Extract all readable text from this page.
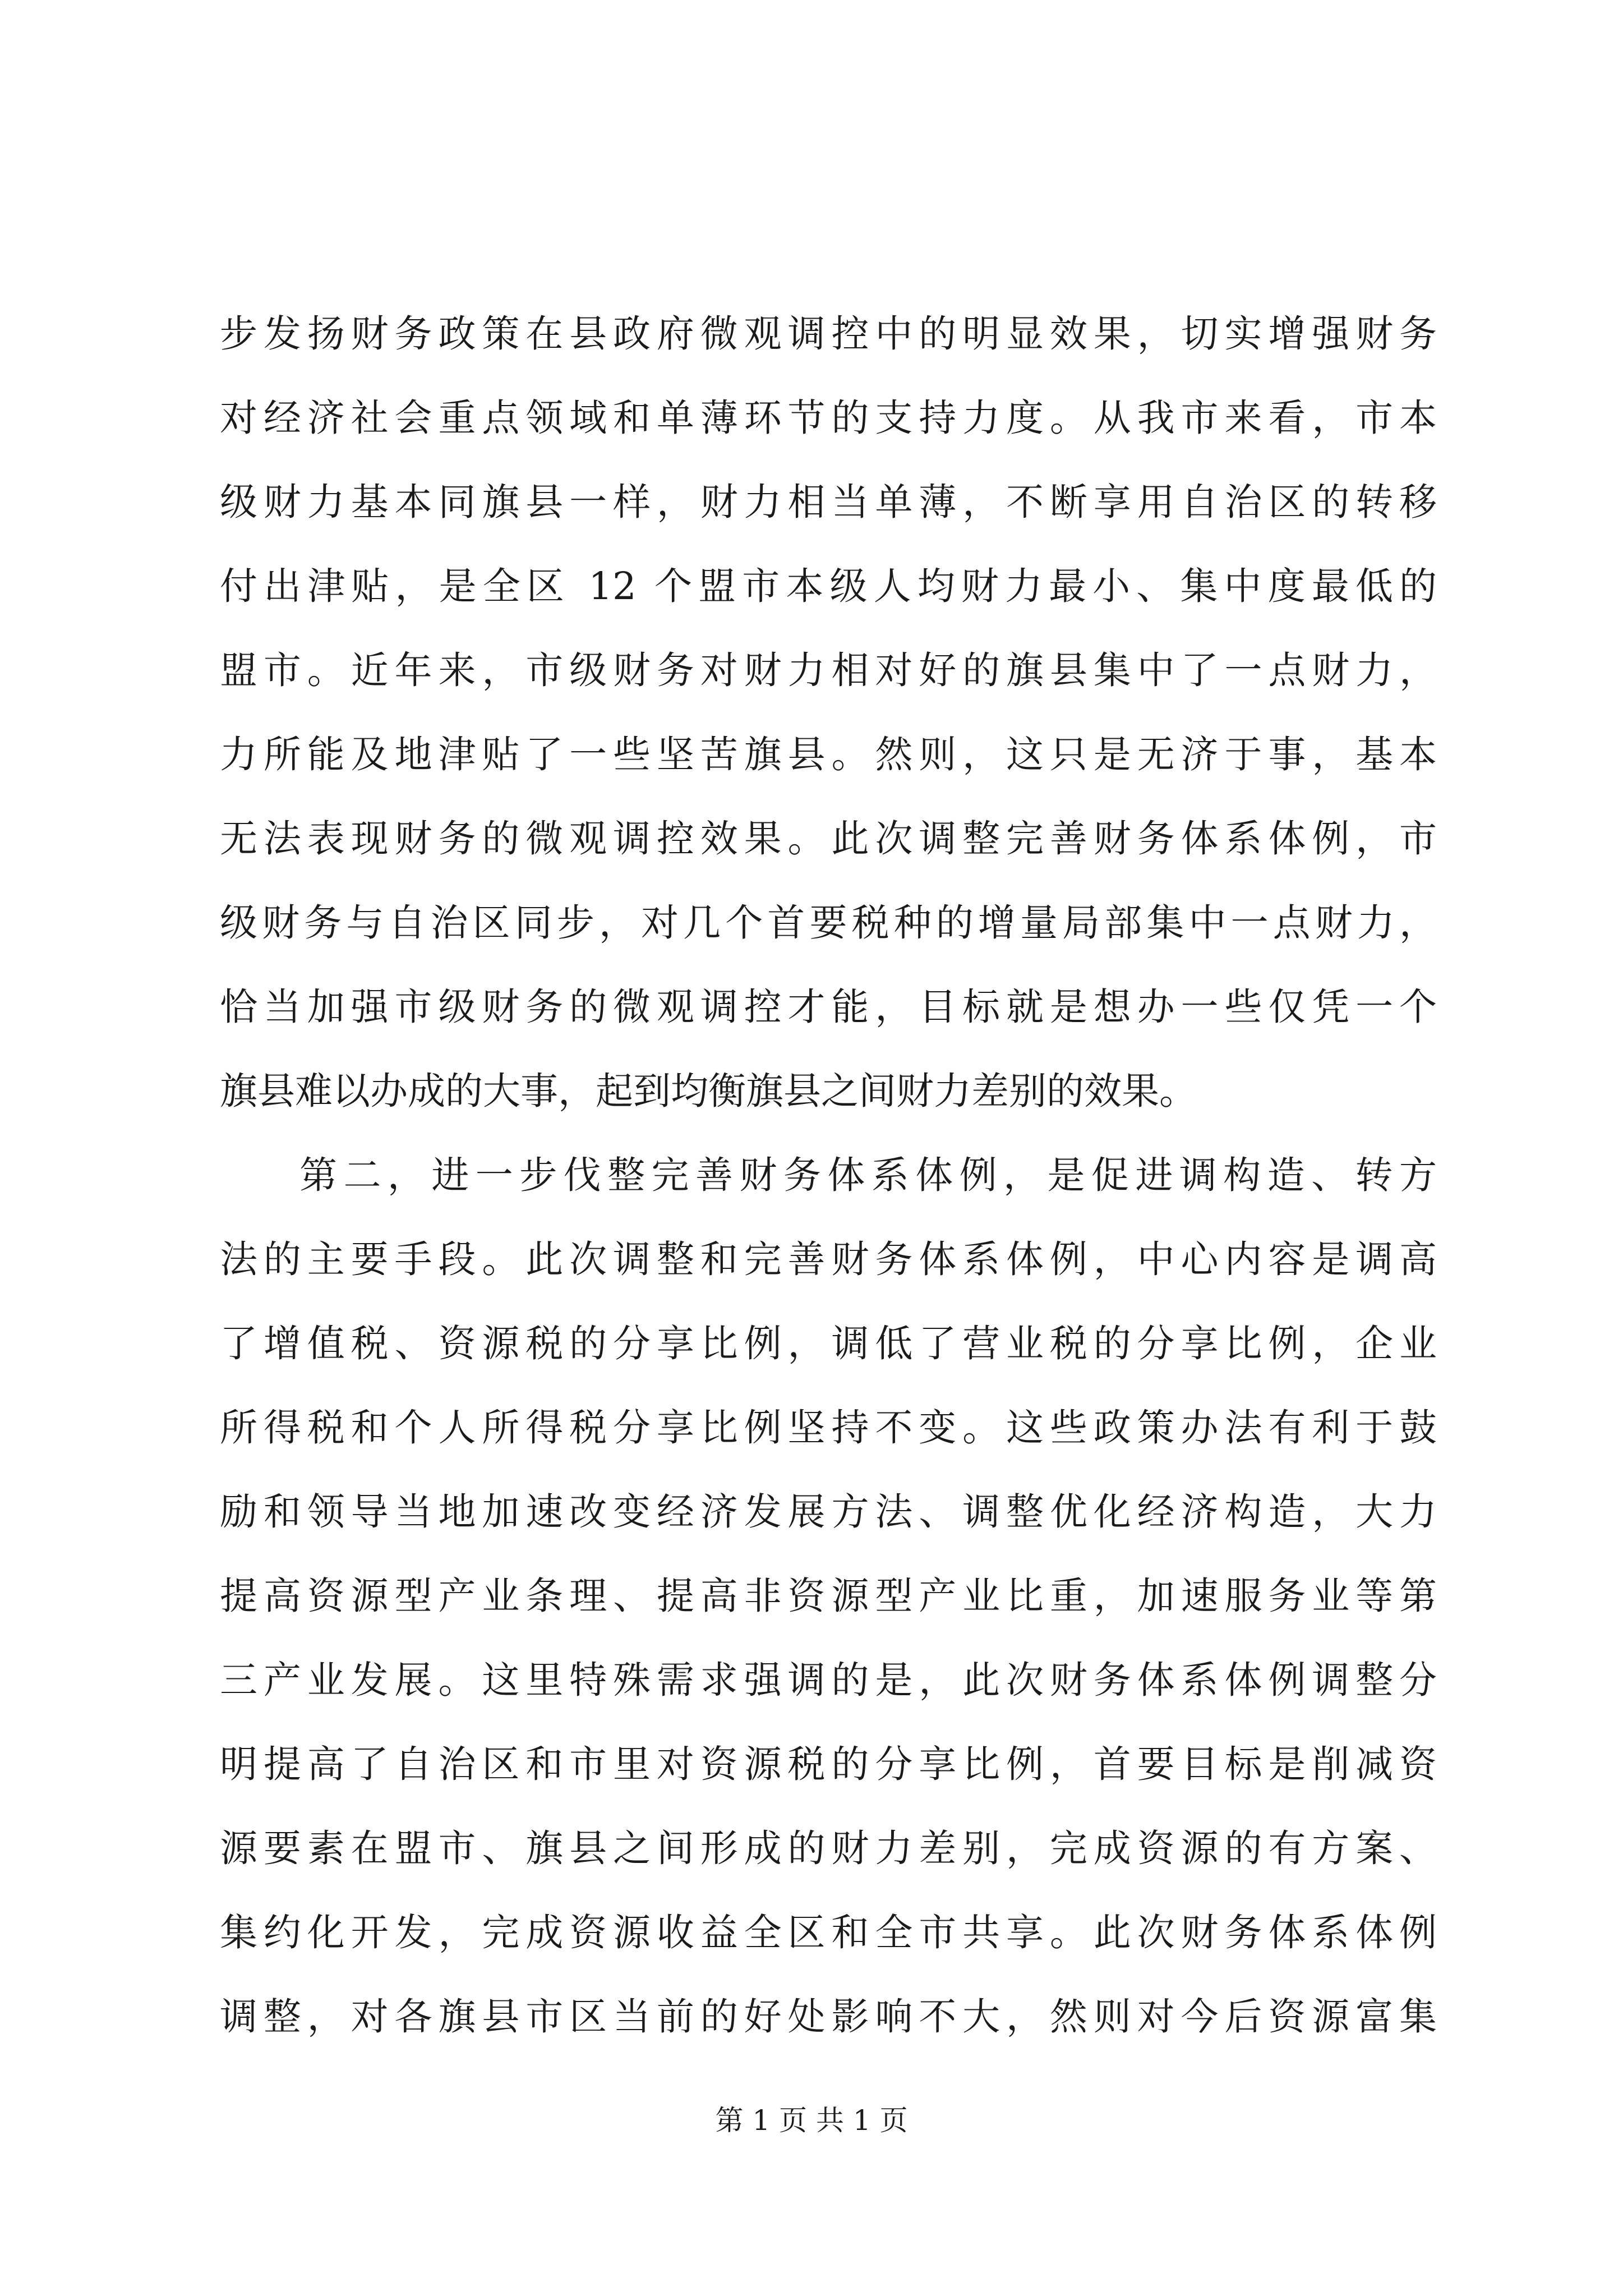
步发扬财务政策在县政府微观调控中的明显效果，切实增强财务
对经济社会重点领域和单薄环节的支持力度。从我市来看，市本
级财力基本同旗县一样，财力相当单薄，不断享用自治区的转移
付出津贴，是全区 12 个盟市本级人均财力最小、集中度最低的
盟市。近年来，市级财务对财力相对好的旗县集中了一点财力，
力所能及地津贴了一些坚苦旗县。然则，这只是无济于事，基本
无法表现财务的微观调控效果。此次调整完善财务体系体例，市
级财务与自治区同步，对几个首要税种的增量局部集中一点财力，
恰当加强市级财务的微观调控才能，目标就是想办一些仅凭一个
旗县难以办成的大事，起到均衡旗县之间财力差别的效果。
第二，进一步伐整完善财务体系体例，是促进调构造、转方
法的主要手段。此次调整和完善财务体系体例，中心内容是调高
了增值税、资源税的分享比例，调低了营业税的分享比例，企业
所得税和个人所得税分享比例坚持不变。这些政策办法有利于鼓
励和领导当地加速改变经济发展方法、调整优化经济构造，大力
提高资源型产业条理、提高非资源型产业比重，加速服务业等第
三产业发展。这里特殊需求强调的是，此次财务体系体例调整分
明提高了自治区和市里对资源税的分享比例，首要目标是削减资
源要素在盟市、旗县之间形成的财力差别，完成资源的有方案、
集约化开发，完成资源收益全区和全市共享。此次财务体系体例
调整，对各旗县市区当前的好处影响不大，然则对今后资源富集
第 1 页 共 1 页
